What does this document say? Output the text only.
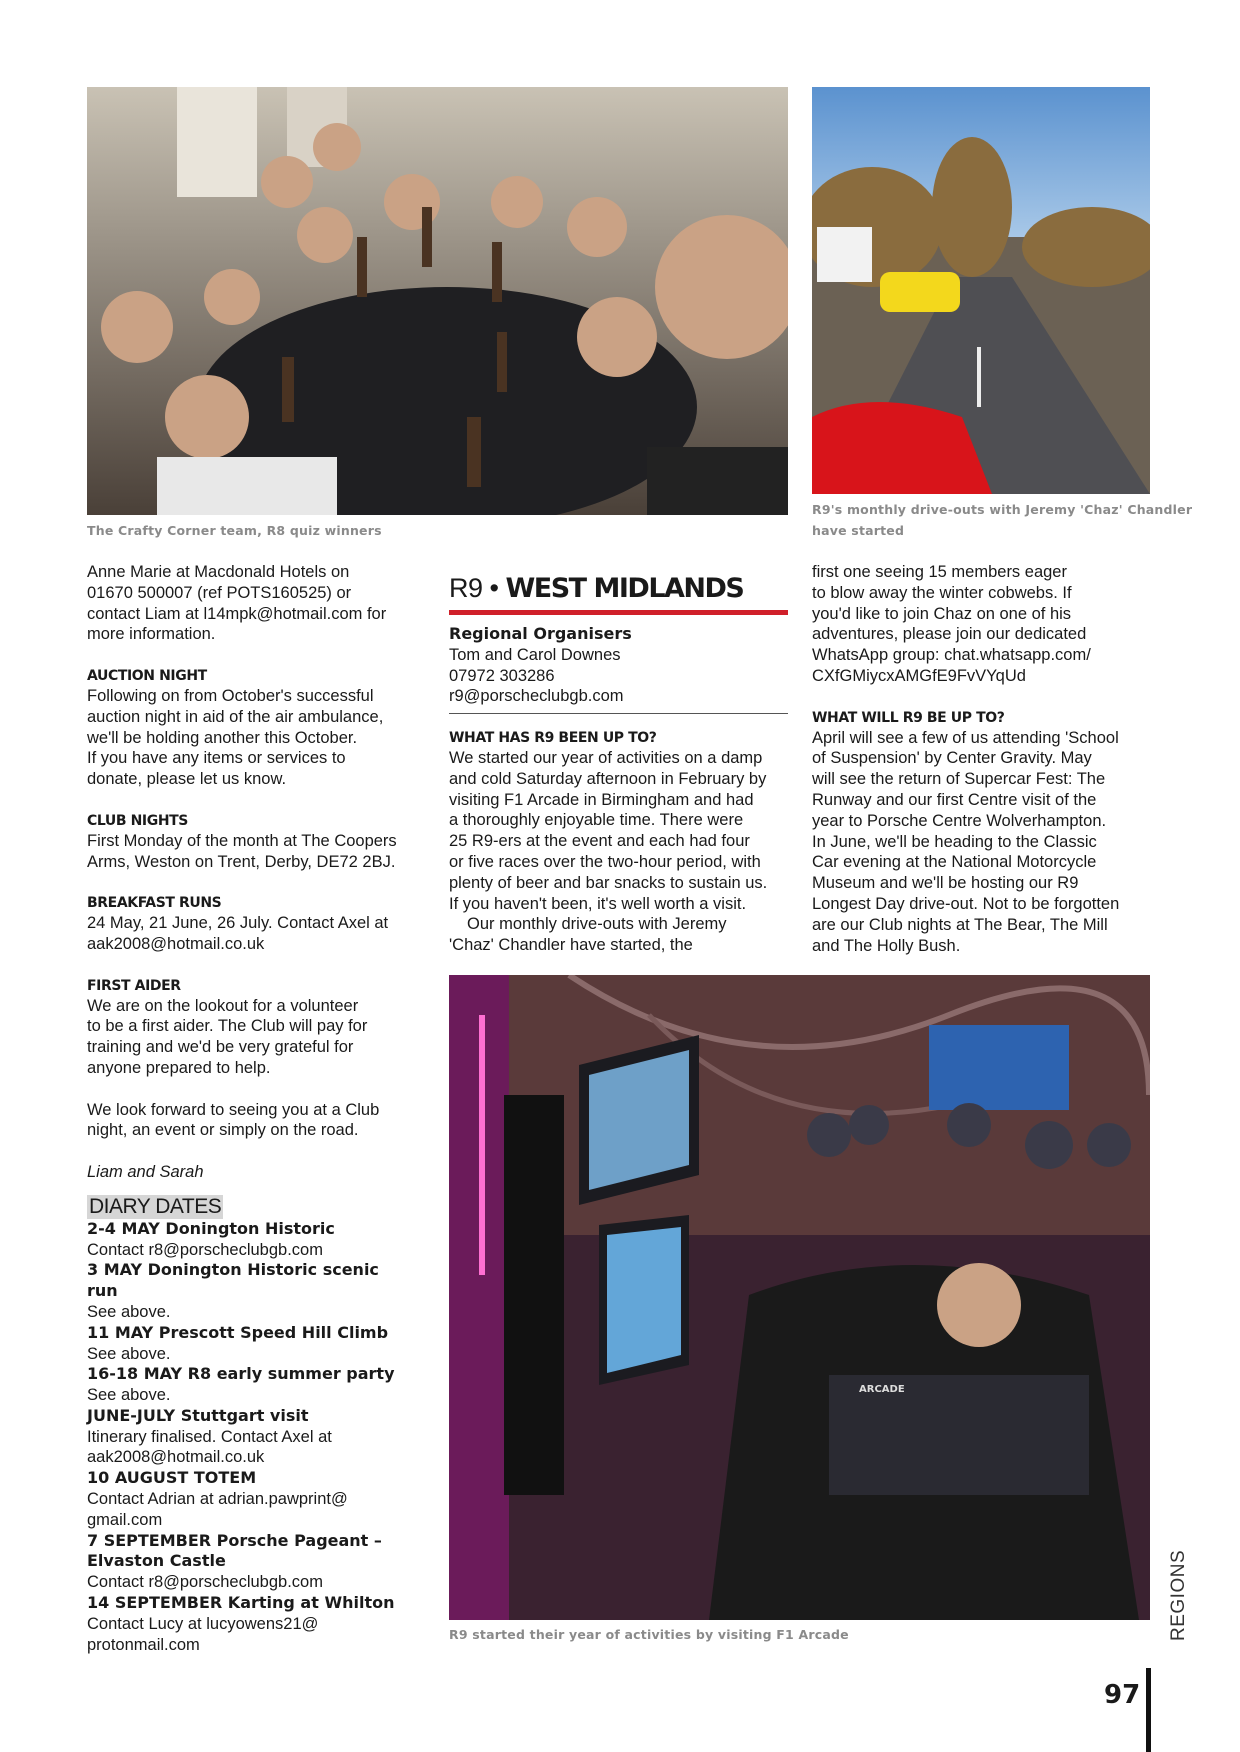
The Crafty Corner team, R8 quiz winners
R9's monthly drive-outs with Jeremy 'Chaz' Chandler
have started
ARCADE
R9 started their year of activities by visiting F1 Arcade

Anne Marie at Macdonald Hotels on

01670 500007 (ref POTS160525) or

contact Liam at l14mpk@hotmail.com for

more information.

AUCTION NIGHT

Following on from October's successful

auction night in aid of the air ambulance,

we'll be holding another this October.

If you have any items or services to

donate, please let us know.

CLUB NIGHTS

First Monday of the month at The Coopers

Arms, Weston on Trent, Derby, DE72 2BJ.

BREAKFAST RUNS

24 May, 21 June, 26 July. Contact Axel at

aak2008@hotmail.co.uk

FIRST AIDER

We are on the lookout for a volunteer

to be a first aider. The Club will pay for

training and we'd be very grateful for

anyone prepared to help.

We look forward to seeing you at a Club

night, an event or simply on the road.

Liam and Sarah

DIARY DATES
2-4 MAY Donington Historic
Contact r8@porscheclubgb.com
3 MAY Donington Historic scenic run
See above.
11 MAY Prescott Speed Hill Climb
See above.
16-18 MAY R8 early summer party
See above.
JUNE-JULY Stuttgart visit
Itinerary finalised. Contact Axel at
aak2008@hotmail.co.uk
10 AUGUST TOTEM
Contact Adrian at adrian.pawprint@
gmail.com
7 SEPTEMBER Porsche Pageant –
Elvaston Castle
Contact r8@porscheclubgb.com
14 SEPTEMBER Karting at Whilton
Contact Lucy at lucyowens21@
protonmail.com
R9 • WEST MIDLANDS
Regional Organisers

Tom and Carol Downes

07972 303286

r9@porscheclubgb.com

WHAT HAS R9 BEEN UP TO?

We started our year of activities on a damp

and cold Saturday afternoon in February by

visiting F1 Arcade in Birmingham and had

a thoroughly enjoyable time. There were

25 R9-ers at the event and each had four

or five races over the two-hour period, with

plenty of beer and bar snacks to sustain us.

If you haven't been, it's well worth a visit.

Our monthly drive-outs with Jeremy

'Chaz' Chandler have started, the

first one seeing 15 members eager

to blow away the winter cobwebs. If

you'd like to join Chaz on one of his

adventures, please join our dedicated

WhatsApp group: chat.whatsapp.com/

CXfGMiycxAMGfE9FvVYqUd

WHAT WILL R9 BE UP TO?

April will see a few of us attending 'School

of Suspension' by Center Gravity. May

will see the return of Supercar Fest: The

Runway and our first Centre visit of the

year to Porsche Centre Wolverhampton.

In June, we'll be heading to the Classic

Car evening at the National Motorcycle

Museum and we'll be hosting our R9

Longest Day drive-out. Not to be forgotten

are our Club nights at The Bear, The Mill

and The Holly Bush.

REGIONS
97
